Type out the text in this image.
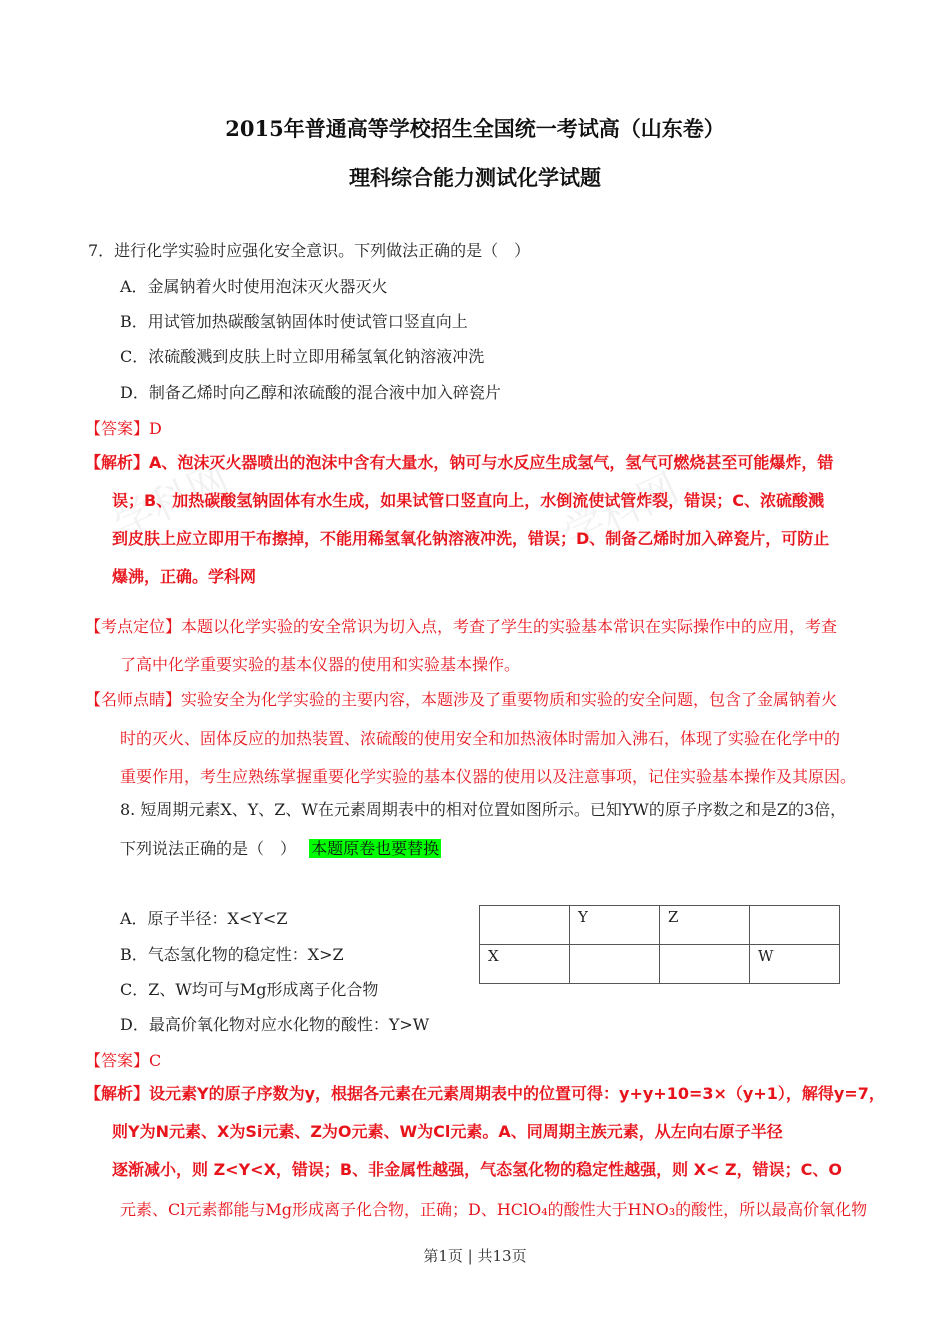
学科网	学科网
2015年普通高等学校招生全国统一考试高（山东卷）
理科综合能力测试化学试题
7．进行化学实验时应强化安全意识。下列做法正确的是（　）
A．金属钠着火时使用泡沫灭火器灭火
B．用试管加热碳酸氢钠固体时使试管口竖直向上
C．浓硫酸溅到皮肤上时立即用稀氢氧化钠溶液冲洗
D．制备乙烯时向乙醇和浓硫酸的混合液中加入碎瓷片
【答案】D
【解析】A、泡沫灭火器喷出的泡沫中含有大量水，钠可与水反应生成氢气，氢气可燃烧甚至可能爆炸，错
误；B、加热碳酸氢钠固体有水生成，如果试管口竖直向上，水倒流使试管炸裂，错误；C、浓硫酸溅
到皮肤上应立即用干布擦掉，不能用稀氢氧化钠溶液冲洗，错误；D、制备乙烯时加入碎瓷片，可防止
爆沸，正确。学科网
【考点定位】本题以化学实验的安全常识为切入点，考查了学生的实验基本常识在实际操作中的应用，考查
了高中化学重要实验的基本仪器的使用和实验基本操作。
【名师点睛】实验安全为化学实验的主要内容，本题涉及了重要物质和实验的安全问题，包含了金属钠着火
时的灭火、固体反应的加热装置、浓硫酸的使用安全和加热液体时需加入沸石，体现了实验在化学中的
重要作用，考生应熟练掌握重要化学实验的基本仪器的使用以及注意事项，记住实验基本操作及其原因。
8. 短周期元素X、Y、Z、W在元素周期表中的相对位置如图所示。已知YW的原子序数之和是Z的3倍，
下列说法正确的是（　） 本题原卷也要替换
A．原子半径：X<Y<Z
B．气态氢化物的稳定性：X>Z
C．Z、W均可与Mg形成离子化合物
D．最高价氧化物对应水化物的酸性：Y>W
	Y	Z	
X			W
【答案】C
【解析】设元素Y的原子序数为y，根据各元素在元素周期表中的位置可得：y+y+10=3×（y+1），解得y=7，
则Y为N元素、X为Si元素、Z为O元素、W为Cl元素。A、同周期主族元素，从左向右原子半径
逐渐减小，则 Z<Y<X，错误；B、非金属性越强，气态氢化物的稳定性越强，则 X< Z，错误；C、O
元素、Cl元素都能与Mg形成离子化合物，正确；D、HClO₄的酸性大于HNO₃的酸性，所以最高价氧化物
第1页 | 共13页
